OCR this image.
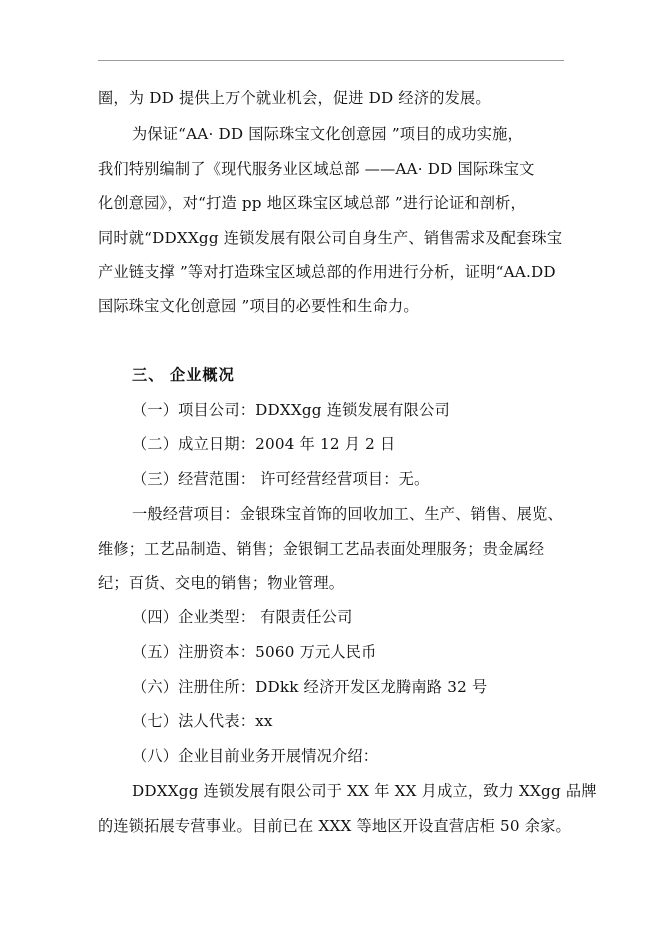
圈，为 DD 提供上万个就业机会，促进 DD 经济的发展。
为保证“AA· DD 国际珠宝文化创意园 ”项目的成功实施，
我们特别编制了《现代服务业区域总部 ——AA· DD 国际珠宝文
化创意园》，对“打造 pp 地区珠宝区域总部 ”进行论证和剖析，
同时就“DDXXgg 连锁发展有限公司自身生产、销售需求及配套珠宝
产业链支撑 ”等对打造珠宝区域总部的作用进行分析，证明“AA.DD
国际珠宝文化创意园 ”项目的必要性和生命力。
三、 企业概况
（一）项目公司：DDXXgg 连锁发展有限公司
（二）成立日期：2004 年 12 月 2 日
（三）经营范围： 许可经营经营项目：无。
一般经营项目：金银珠宝首饰的回收加工、生产、销售、展览、
维修；工艺品制造、销售；金银铜工艺品表面处理服务；贵金属经
纪；百货、交电的销售；物业管理。
（四）企业类型： 有限责任公司
（五）注册资本：5060 万元人民币
（六）注册住所：DDkk 经济开发区龙腾南路 32 号
（七）法人代表：xx
（八）企业目前业务开展情况介绍：
DDXXgg 连锁发展有限公司于 XX 年 XX 月成立，致力 XXgg 品牌
的连锁拓展专营事业。目前已在 XXX 等地区开设直营店柜 50 余家。
